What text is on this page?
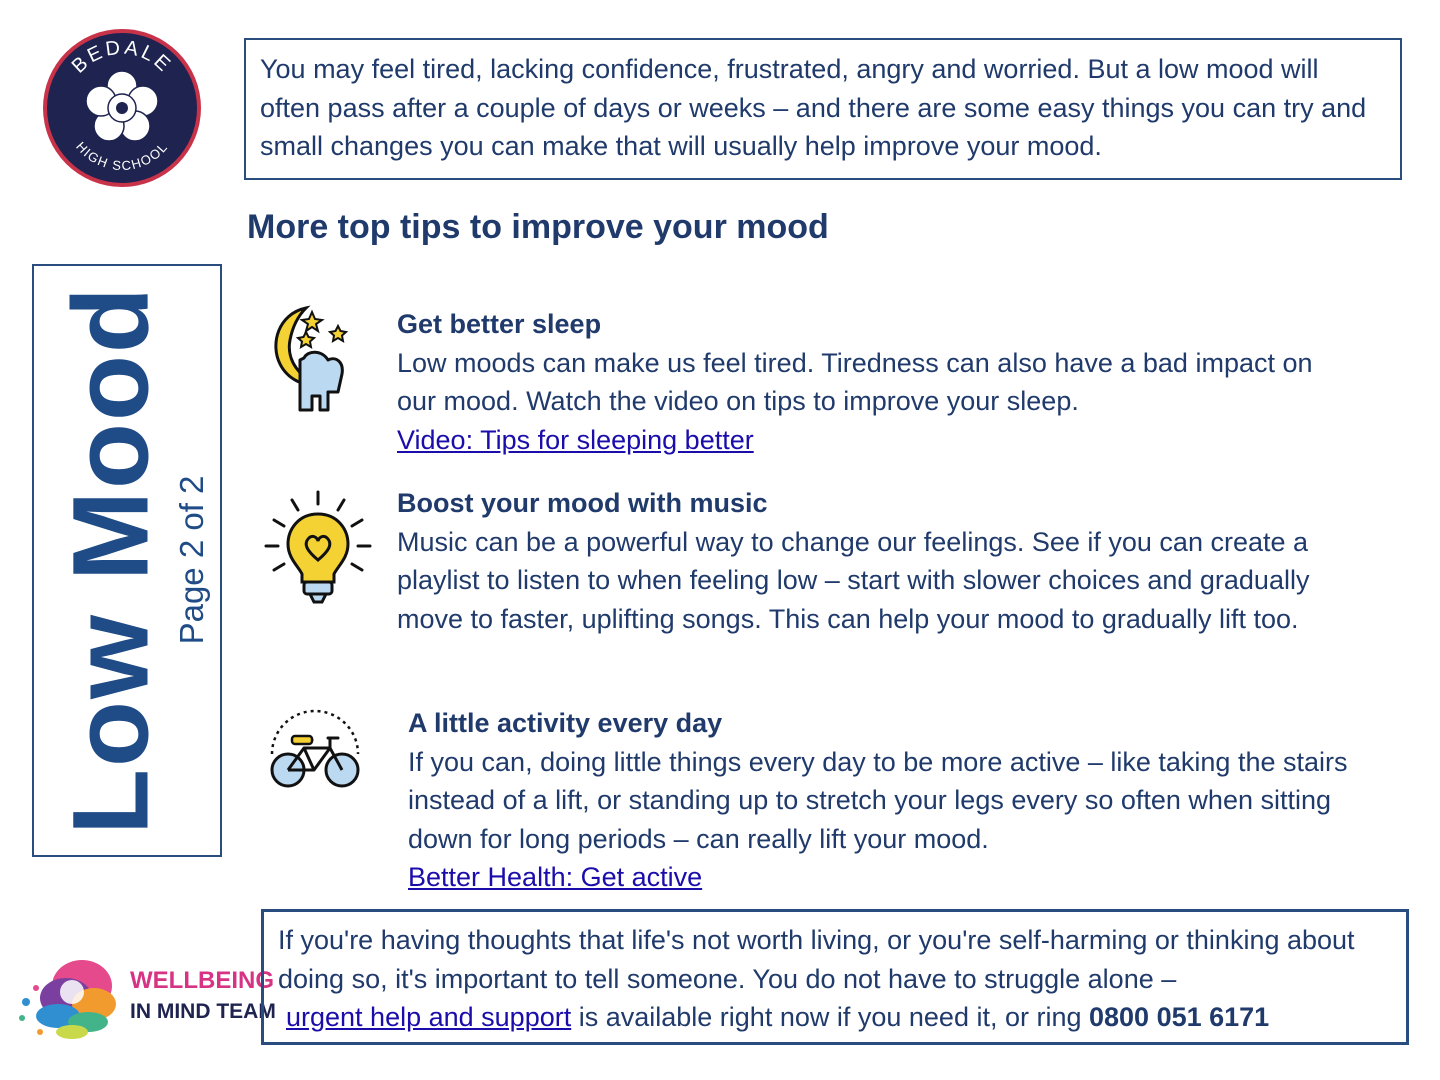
BEDALE
HIGH SCHOOL
You may feel tired, lacking confidence, frustrated, angry and worried. But a low mood will often pass after a couple of days or weeks – and there are some easy things you can try and small changes you can make that will usually help improve your mood.
More top tips to improve your mood
Low Mood Page 2 of 2
Get better sleep
Low moods can make us feel tired. Tiredness can also have a bad impact on our mood. Watch the video on tips to improve your sleep.
Video: Tips for sleeping better
Boost your mood with music
Music can be a powerful way to change our feelings. See if you can create a playlist to listen to when feeling low – start with slower choices and gradually move to faster, uplifting songs. This can help your mood to gradually lift too.
A little activity every day
If you can, doing little things every day to be more active – like taking the stairs instead of a lift, or standing up to stretch your legs every so often when sitting down for long periods – can really lift your mood.
Better Health: Get active
WELLBEING
IN MIND TEAM
If you're having thoughts that life's not worth living, or you're self-harming or thinking about doing so, it's important to tell someone. You do not have to struggle alone –
urgent help and support is available right now if you need it, or ring 0800 051 6171
